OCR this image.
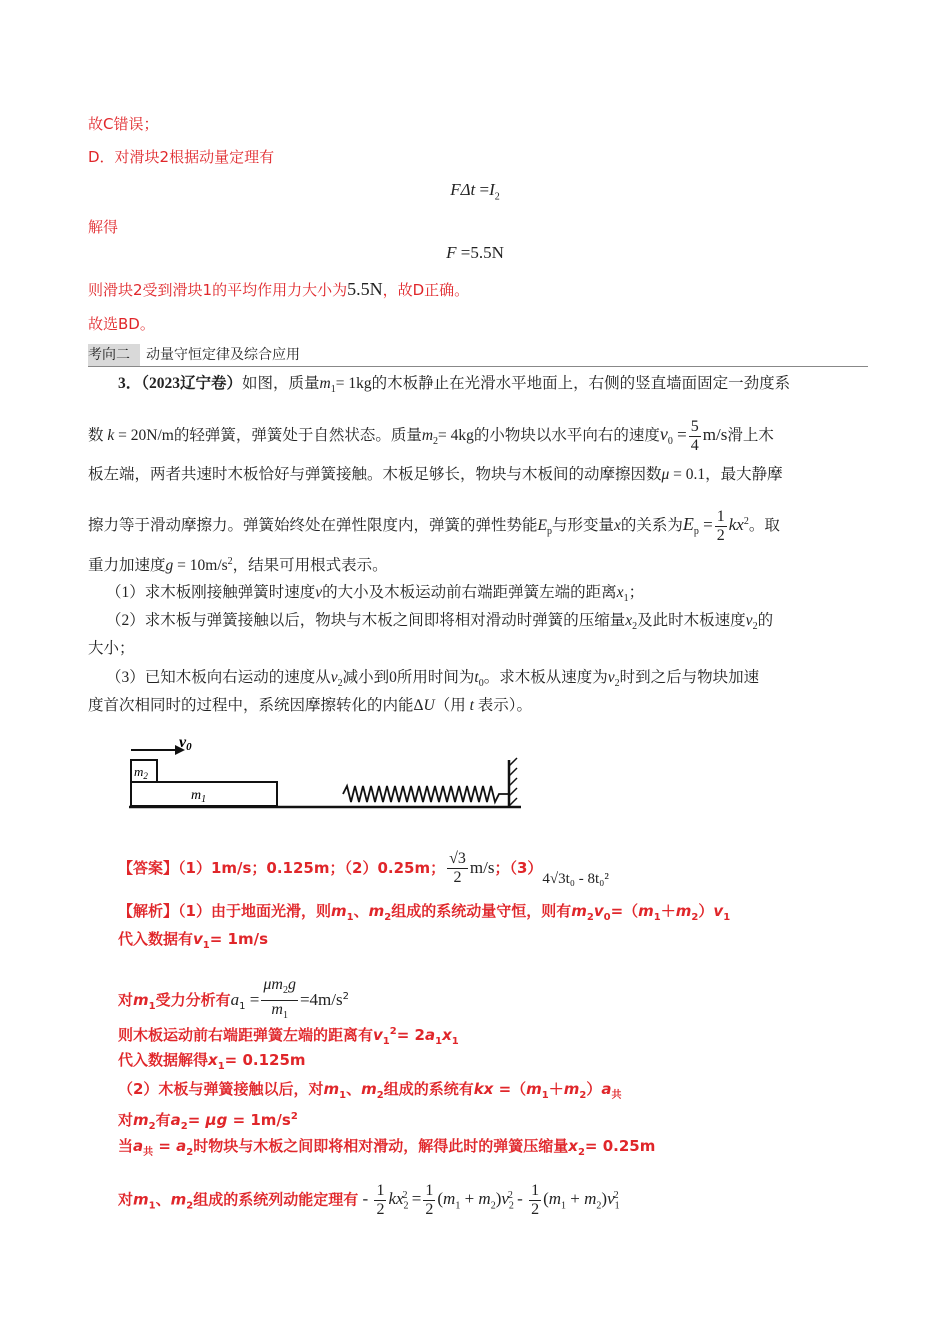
故C错误；
D．对滑块2根据动量定理有
$F\Delta t =I_2$
解得
F =5.5N
则滑块2受到滑块1的平均作用力大小为5.5N，故D正确。
故选BD。
考向二 动量守恒定律及综合应用
3．（2023辽宁卷）如图，质量$m_1= 1kg$的木板静止在光滑水平地面上，右侧的竖直墙面固定一劲度系
数 k = 20N/m的轻弹簧，弹簧处于自然状态。质量$m_2= 4kg$的小物块以水平向右的速度$v_0 = \frac{5}{4} m/s$滑上木
板左端，两者共速时木板恰好与弹簧接触。木板足够长，物块与木板间的动摩擦因数μ = 0.1，最大静摩
擦力等于滑动摩擦力。弹簧始终处在弹性限度内，弹簧的弹性势能$E_p$与形变量x的关系为$E_p = \frac{1}{2} kx^2$。取
重力加速度$g = 10m/s^2$，结果可用根式表示。
（1）求木板刚接触弹簧时速度v的大小及木板运动前右端距弹簧左端的距离$x_1$；
（2）求木板与弹簧接触以后，物块与木板之间即将相对滑动时弹簧的压缩量$x_2$及此时木板速度$v_2$的
大小；
（3）已知木板向右运动的速度从$v_2$减小到0所用时间为$t_0$。求木板从速度为$v_2$时到之后与物块加速
度首次相同时的过程中，系统因摩擦转化的内能ΔU（用 t 表示）。
v0
$m_2$
$m_1$
【答案】（1）1m/s；0.125m；（2）0.25m； $\frac{√3}{2} m/s$；（3）4√3t₀ - 8t₀²
【解析】（1）由于地面光滑，则$m_1$、$m_2$组成的系统动量守恒，则有$m_2v_0=(m_1+m_2)v_1$
代入数据有$v_1= 1m/s$
对$m_1$受力分析有$a_1 = \frac{\mu m_2g}{m_1} =4m/s^2$
则木板运动前右端距弹簧左端的距离有$v_1^2= 2a_1x_1$
代入数据解得$x_1= 0.125m$
（2）木板与弹簧接触以后，对$m_1$、$m_2$组成的系统有kx $=(m_1+m_2)a_共$
对$m_2$有$a_2= \mu g = 1m/s^2$
当$a_共 = a_2$时物块与木板之间即将相对滑动，解得此时的弹簧压缩量$x_2= 0.25m$
对$m_1$、$m_2$组成的系统列动能定理有 - $\frac{1}{2} kx_2^2 = \frac{1}{2} (m_1 + m_2)v_2^2 - \frac{1}{2} (m_1 + m_2)v_1^2$
